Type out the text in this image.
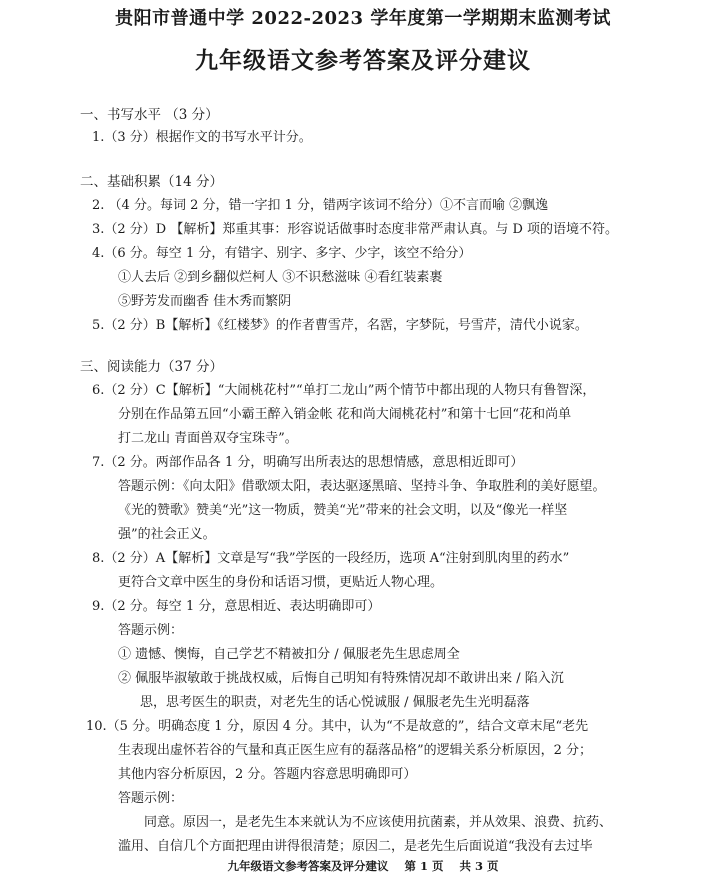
贵阳市普通中学 2022-2023 学年度第一学期期末监测考试
九年级语文参考答案及评分建议
一、书写水平 （3 分）
1.（3 分）根据作文的书写水平计分。
二、基础积累（14 分）
2. （4 分。每词 2 分，错一字扣 1 分，错两字该词不给分）①不言而喻 ②飘逸
3.（2 分）D 【解析】郑重其事：形容说话做事时态度非常严肃认真。与 D 项的语境不符。
4.（6 分。每空 1 分，有错字、别字、多字、少字，该空不给分）
①人去后 ②到乡翻似烂柯人 ③不识愁滋味 ④看红装素裹
⑤野芳发而幽香 佳木秀而繁阴
5.（2 分）B【解析】《红楼梦》的作者曹雪芹，名霑，字梦阮，号雪芹，清代小说家。
三、阅读能力（37 分）
6.（2 分）C【解析】“大闹桃花村”“单打二龙山”两个情节中都出现的人物只有鲁智深，
分别在作品第五回“小霸王醉入销金帐 花和尚大闹桃花村”和第十七回“花和尚单
打二龙山 青面兽双夺宝珠寺”。
7.（2 分。两部作品各 1 分，明确写出所表达的思想情感，意思相近即可）
答题示例：《向太阳》借歌颂太阳，表达驱逐黑暗、坚持斗争、争取胜利的美好愿望。
《光的赞歌》赞美“光”这一物质，赞美“光”带来的社会文明，以及“像光一样坚
强”的社会正义。
8.（2 分）A【解析】文章是写“我”学医的一段经历，选项 A“注射到肌肉里的药水”
更符合文章中医生的身份和话语习惯，更贴近人物心理。
9.（2 分。每空 1 分，意思相近、表达明确即可）
答题示例：
① 遗憾、懊悔，自己学艺不精被扣分 / 佩服老先生思虑周全
② 佩服毕淑敏敢于挑战权威，后悔自己明知有特殊情况却不敢讲出来 / 陷入沉
思，思考医生的职责，对老先生的话心悦诚服 / 佩服老先生光明磊落
10.（5 分。明确态度 1 分，原因 4 分。其中，认为“不是故意的”，结合文章末尾“老先
生表现出虚怀若谷的气量和真正医生应有的磊落品格”的逻辑关系分析原因，2 分；
其他内容分析原因，2 分。答题内容意思明确即可）
答题示例：
同意。原因一，是老先生本来就认为不应该使用抗菌素，并从效果、浪费、抗药、
滥用、自信几个方面把理由讲得很清楚；原因二，是老先生后面说道“我没有去过毕
九年级语文参考答案及评分建议 第 1 页 共 3 页
